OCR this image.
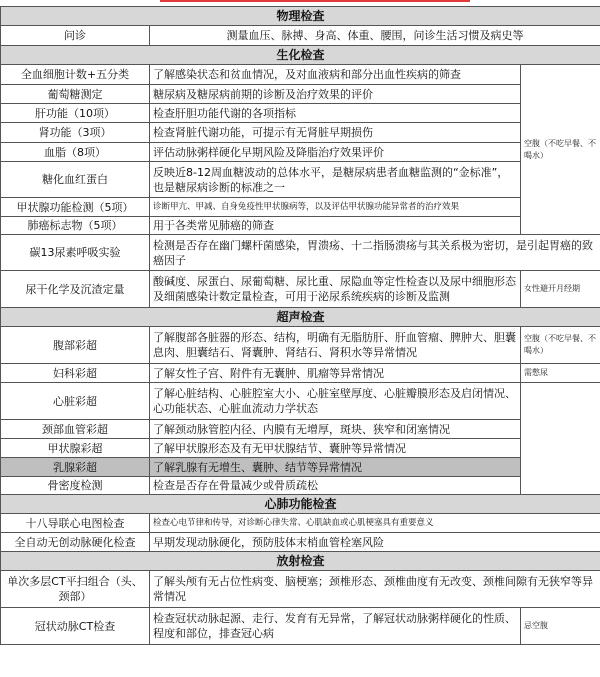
物理检查		
问诊	测量血压、脉搏、身高、体重、腰围，问诊生活习惯及病史等	
生化检查		
全血细胞计数+五分类	了解感染状态和贫血情况，及对血液病和部分出血性疾病的筛查	空腹（不吃早餐、不喝水）
葡萄糖测定	糖尿病及糖尿病前期的诊断及治疗效果的评价	
肝功能（10项）	检查肝胆功能代谢的各项指标	
肾功能（3项）	检查肾脏代谢功能，可提示有无肾脏早期损伤	
血脂（8项）	评估动脉粥样硬化早期风险及降脂治疗效果评价	
糖化血红蛋白	反映近8-12周血糖波动的总体水平，是糖尿病患者血糖监测的“金标准”，也是糖尿病诊断的标准之一	
甲状腺功能检测（5项）	诊断甲亢、甲减、自身免疫性甲状腺病等，以及评估甲状腺功能异常者的治疗效果	
肺癌标志物（5项）	用于各类常见肺癌的筛查	
碳13尿素呼吸实验	检测是否存在幽门螺杆菌感染，胃溃疡、十二指肠溃疡与其关系极为密切，是引起胃癌的致癌因子	
尿干化学及沉渣定量	酸碱度、尿蛋白、尿葡萄糖、尿比重、尿隐血等定性检查以及尿中细胞形态及细菌感染计数定量检查，可用于泌尿系统疾病的诊断及监测	女性避开月经期
超声检查		
腹部彩超	了解腹部各脏器的形态、结构，明确有无脂肪肝、肝血管瘤、脾肿大、胆囊息肉、胆囊结石、肾囊肿、肾结石、肾积水等异常情况	空腹（不吃早餐、不喝水）
妇科彩超	了解女性子宫、附件有无囊肿、肌瘤等异常情况	需憋尿
心脏彩超	了解心脏结构、心脏腔室大小、心脏室壁厚度、心脏瓣膜形态及启闭情况、心功能状态、心脏血流动力学状态	
颈部血管彩超	了解颈动脉管腔内径、内膜有无增厚，斑块、狭窄和闭塞情况	
甲状腺彩超	了解甲状腺形态及有无甲状腺结节、囊肿等异常情况	
乳腺彩超	了解乳腺有无增生、囊肿、结节等异常情况	
骨密度检测	检查是否存在骨量减少或骨质疏松	
心肺功能检查		
十八导联心电图检查	检查心电节律和传导，对诊断心律失常、心肌缺血或心肌梗塞具有重要意义	
全自动无创动脉硬化检查	早期发现动脉硬化，预防肢体末梢血管栓塞风险	
放射检查		
单次多层CT平扫组合（头、颈部）	了解头颅有无占位性病变、脑梗塞；颈椎形态、颈椎曲度有无改变、颈椎间隙有无狭窄等异常情况	
冠状动脉CT检查	检查冠状动脉起源、走行、发育有无异常，了解冠状动脉粥样硬化的性质、程度和部位，排查冠心病	忌空腹
